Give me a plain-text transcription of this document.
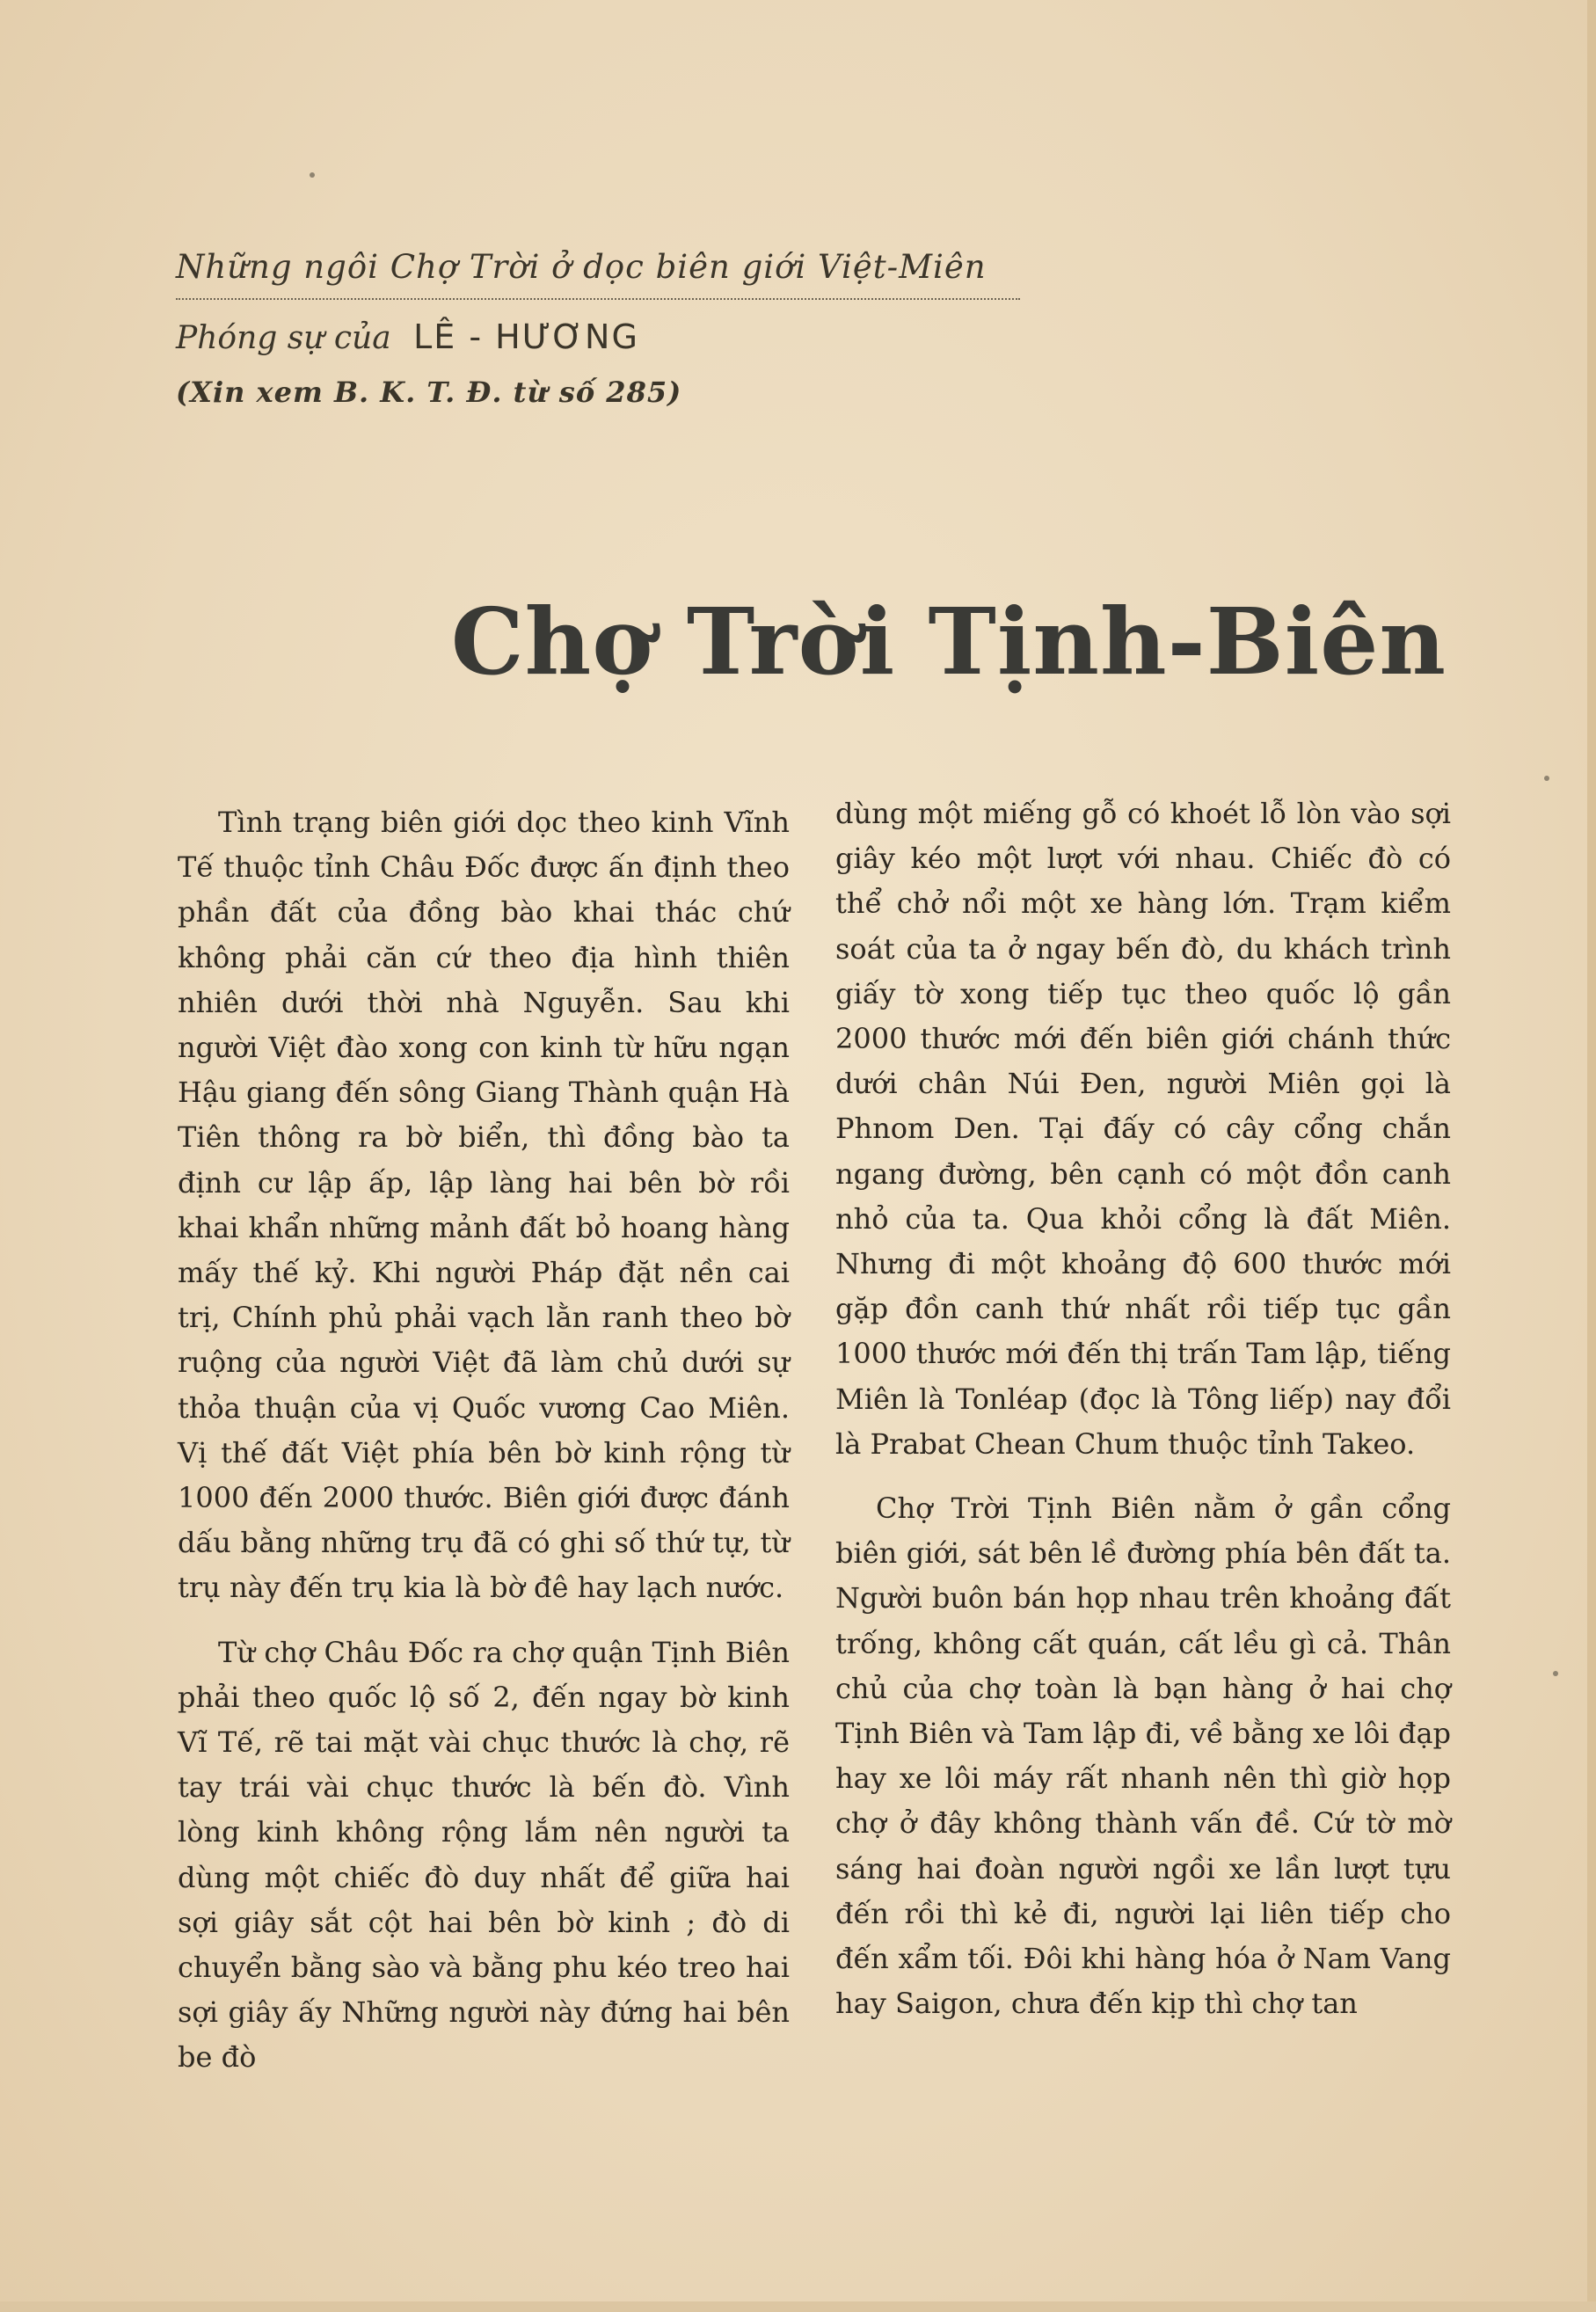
Những ngôi Chợ Trời ở dọc biên giới Việt-Miên

Phóng sự của LÊ - HƯƠNG
(Xin xem B. K. T. Đ. từ số 285)
Chợ Trời Tịnh-Biên

Tình trạng biên giới dọc theo kinh Vĩnh Tế thuộc tỉnh Châu Đốc được ấn định theo phần đất của đồng bào khai thác chứ không phải căn cứ theo địa hình thiên nhiên dưới thời nhà Nguyễn. Sau khi người Việt đào xong con kinh từ hữu ngạn Hậu giang đến sông Giang Thành quận Hà Tiên thông ra bờ biển, thì đồng bào ta định cư lập ấp, lập làng hai bên bờ rồi khai khẩn những mảnh đất bỏ hoang hàng mấy thế kỷ. Khi người Pháp đặt nền cai trị, Chính phủ phải vạch lằn ranh theo bờ ruộng của người Việt đã làm chủ dưới sự thỏa thuận của vị Quốc vương Cao Miên. Vị thế đất Việt phía bên bờ kinh rộng từ 1000 đến 2000 thước. Biên giới được đánh dấu bằng những trụ đã có ghi số thứ tự, từ trụ này đến trụ kia là bờ đê hay lạch nước.

Từ chợ Châu Đốc ra chợ quận Tịnh Biên phải theo quốc lộ số 2, đến ngay bờ kinh Vĩ Tế, rẽ tai mặt vài chục thước là chợ, rẽ tay trái vài chục thước là bến đò. Vình lòng kinh không rộng lắm nên người ta dùng một chiếc đò duy nhất để giữa hai sợi giây sắt cột hai bên bờ kinh ; đò di chuyển bằng sào và bằng phu kéo treo hai sợi giây ấy Những người này đứng hai bên be đò

dùng một miếng gỗ có khoét lỗ lòn vào sợi giây kéo một lượt với nhau. Chiếc đò có thể chở nổi một xe hàng lớn. Trạm kiểm soát của ta ở ngay bến đò, du khách trình giấy tờ xong tiếp tục theo quốc lộ gần 2000 thước mới đến biên giới chánh thức dưới chân Núi Đen, người Miên gọi là Phnom Den. Tại đấy có cây cổng chắn ngang đường, bên cạnh có một đồn canh nhỏ của ta. Qua khỏi cổng là đất Miên. Nhưng đi một khoảng độ 600 thước mới gặp đồn canh thứ nhất rồi tiếp tục gần 1000 thước mới đến thị trấn Tam lập, tiếng Miên là Tonléap (đọc là Tông liếp) nay đổi là Prabat Chean Chum thuộc tỉnh Takeo.

Chợ Trời Tịnh Biên nằm ở gần cổng biên giới, sát bên lề đường phía bên đất ta. Người buôn bán họp nhau trên khoảng đất trống, không cất quán, cất lều gì cả. Thân chủ của chợ toàn là bạn hàng ở hai chợ Tịnh Biên và Tam lập đi, về bằng xe lôi đạp hay xe lôi máy rất nhanh nên thì giờ họp chợ ở đây không thành vấn đề. Cứ tờ mờ sáng hai đoàn người ngồi xe lần lượt tựu đến rồi thì kẻ đi, người lại liên tiếp cho đến xẩm tối. Đôi khi hàng hóa ở Nam Vang hay Saigon, chưa đến kịp thì chợ tan
